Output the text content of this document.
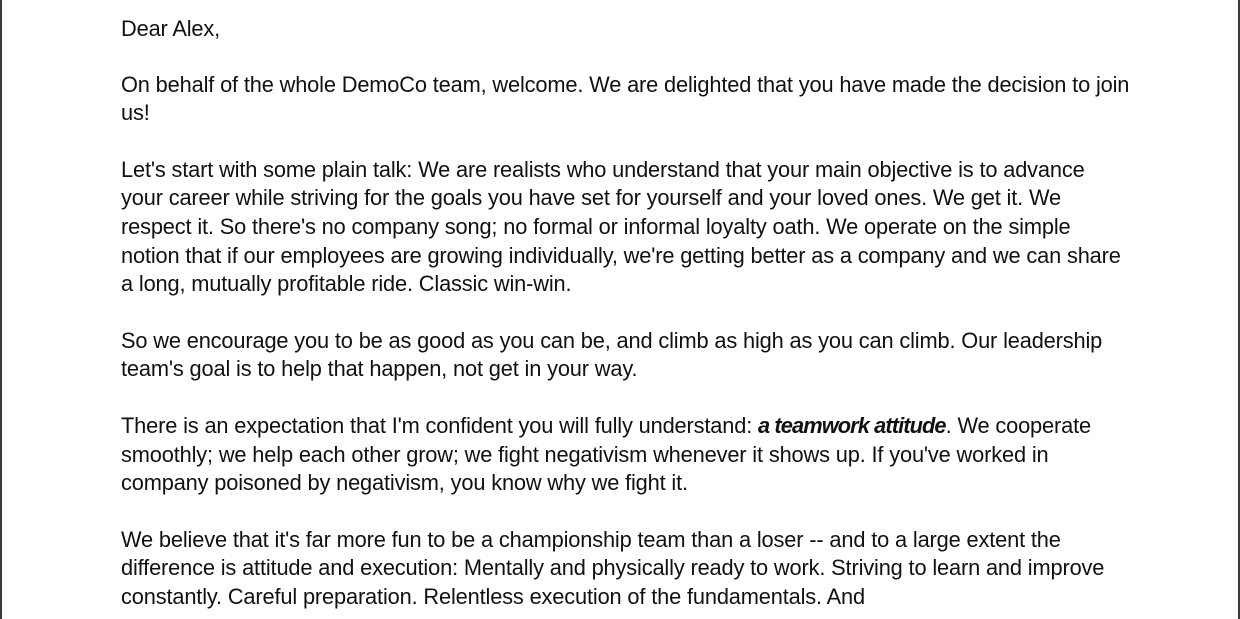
Dear Alex,

On behalf of the whole DemoCo team, welcome. We are delighted that you have made the decision to join us!

Let's start with some plain talk: We are realists who understand that your main objective is to advance your career while striving for the goals you have set for yourself and your loved ones. We get it. We respect it. So there's no company song; no formal or informal loyalty oath. We operate on the simple notion that if our employees are growing individually, we're getting better as a company and we can share a long, mutually profitable ride. Classic win-win.

So we encourage you to be as good as you can be, and climb as high as you can climb. Our leadership team's goal is to help that happen, not get in your way.

There is an expectation that I'm confident you will fully understand: a teamwork attitude. We cooperate smoothly; we help each other grow; we fight negativism whenever it shows up. If you've worked in company poisoned by negativism, you know why we fight it.

We believe that it's far more fun to be a championship team than a loser -- and to a large extent the difference is attitude and execution: Mentally and physically ready to work. Striving to learn and improve constantly. Careful preparation. Relentless execution of the fundamentals. And
